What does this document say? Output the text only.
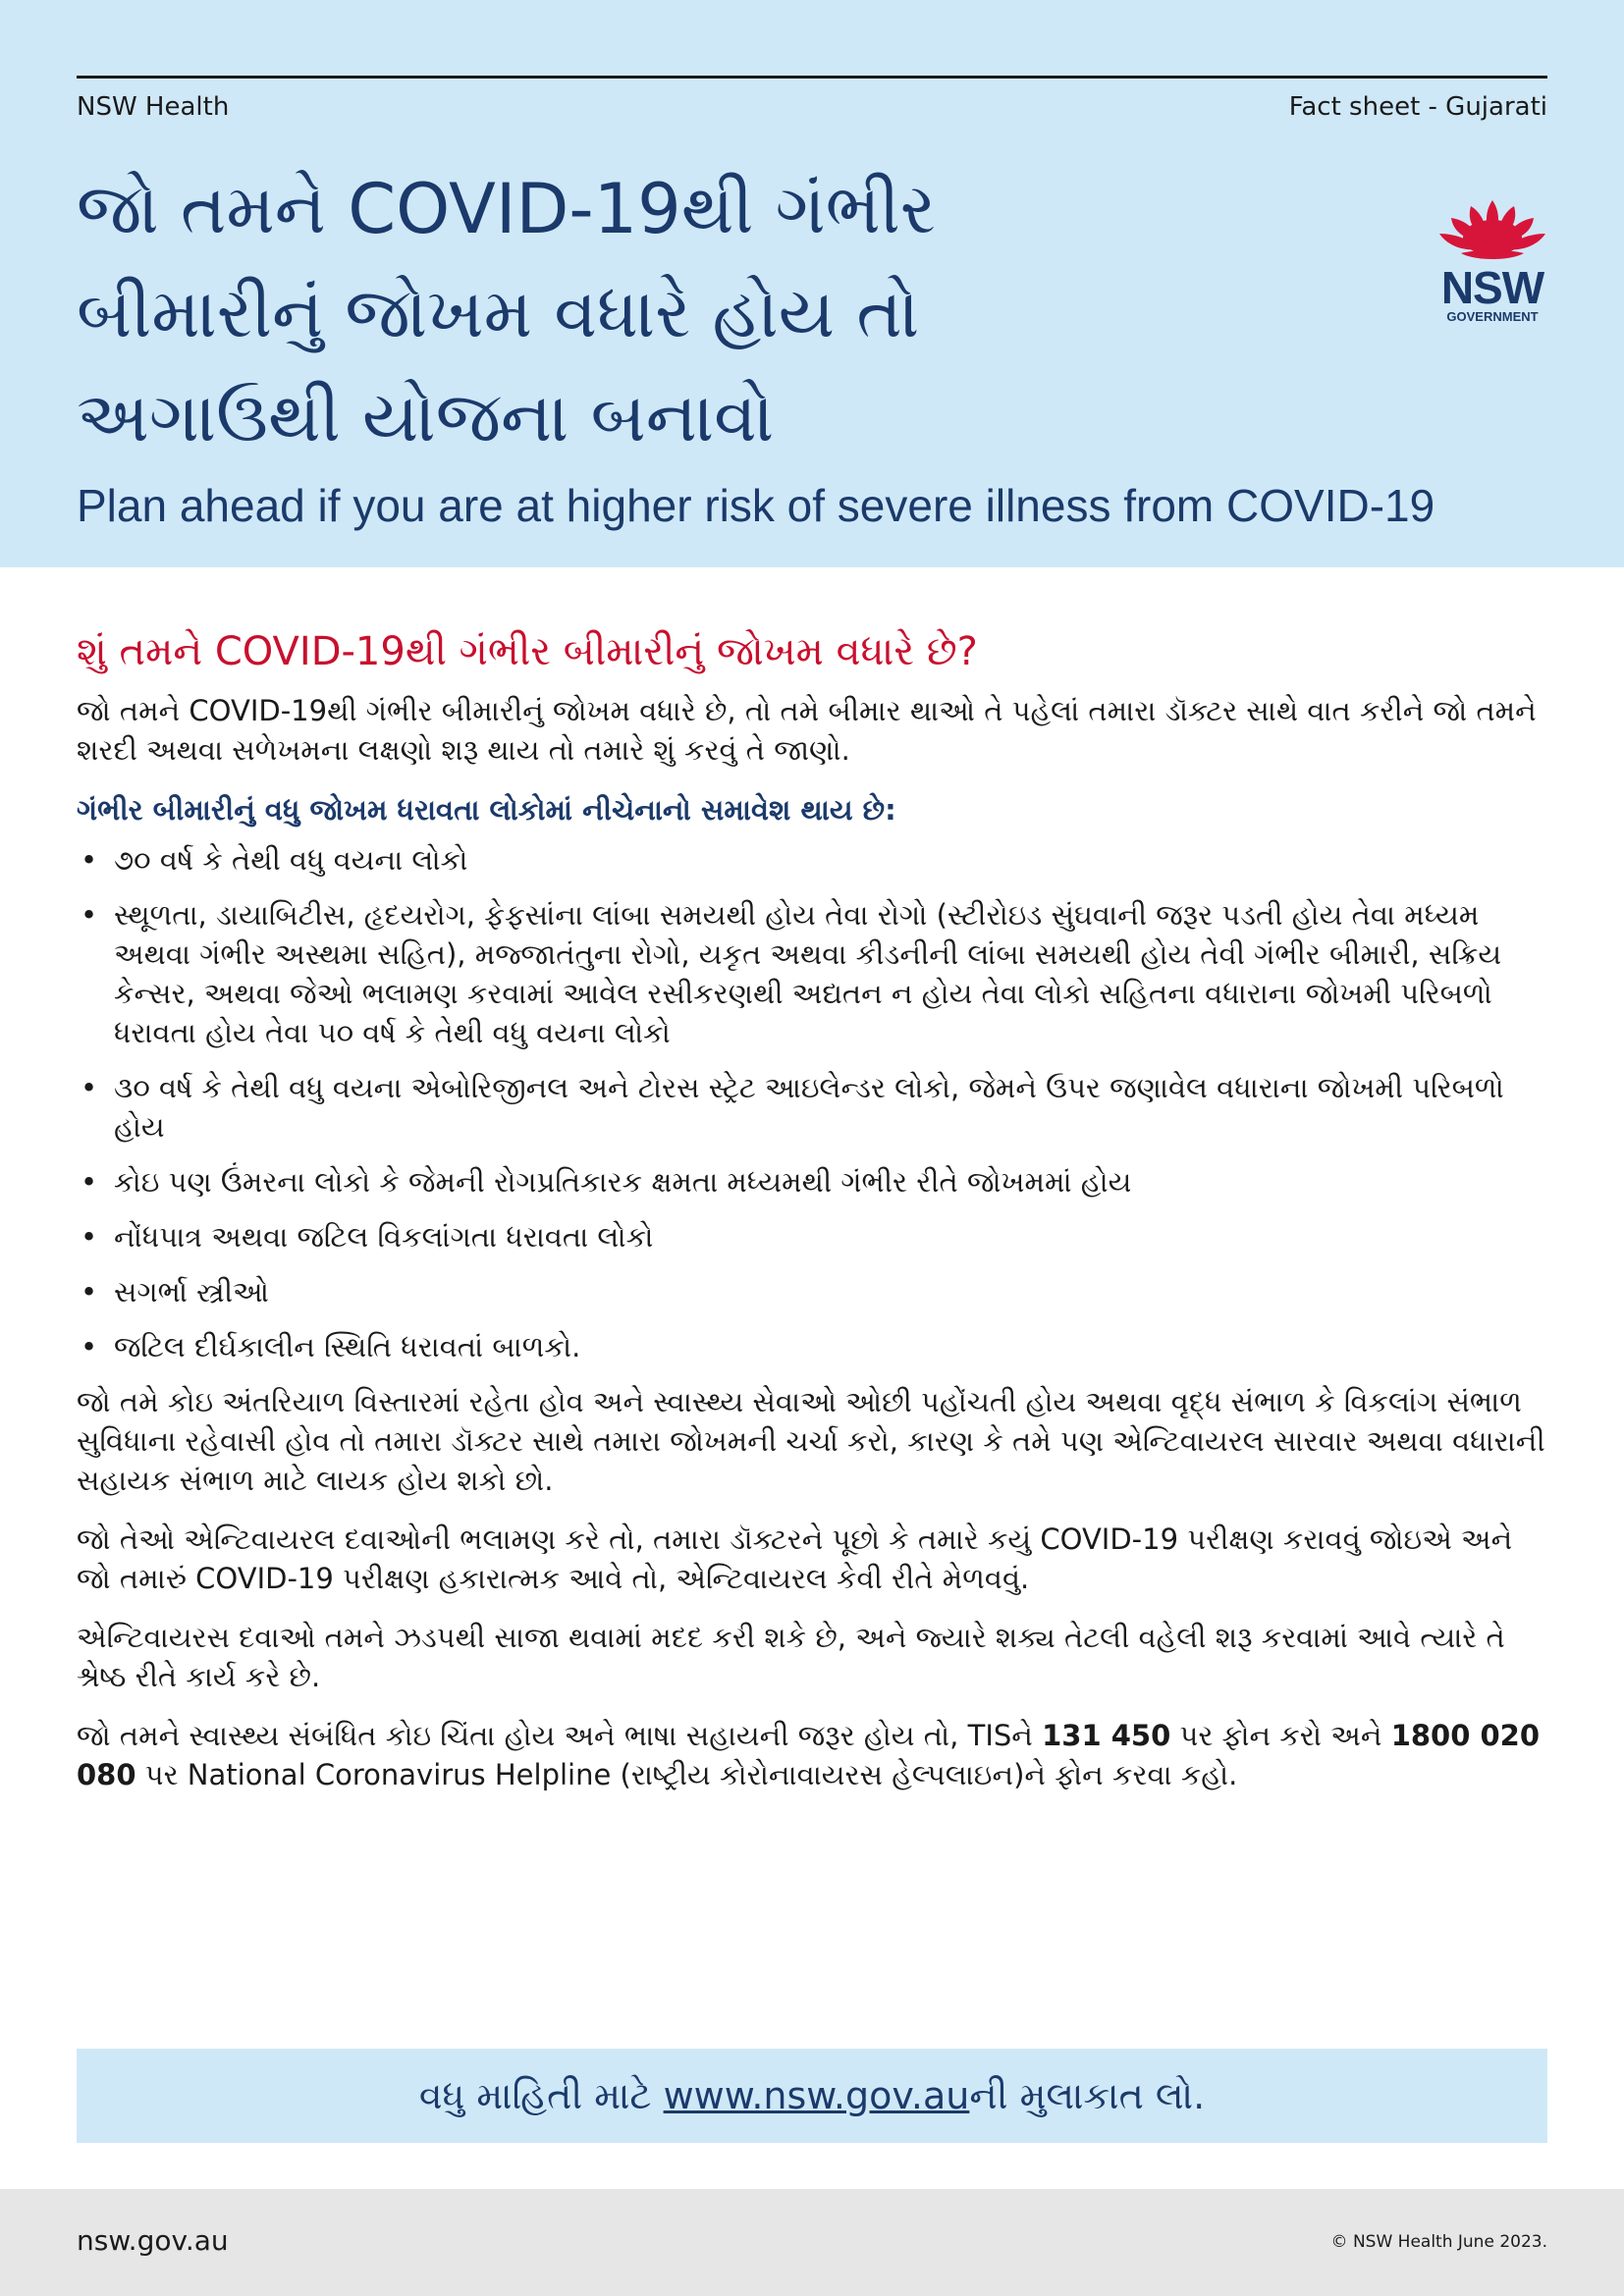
NSW Health	Fact sheet - Gujarati
જો તમને COVID-19થી ગંભીર
બીમારીનું જોખમ વધારે હોય તો
અગાઉથી યોજના બનાવો
Plan ahead if you are at higher risk of severe illness from COVID-19
NSW
GOVERNMENT
શું તમને COVID-19થી ગંભીર બીમારીનું જોખમ વધારે છે?
જો તમને COVID-19થી ગંભીર બીમારીનું જોખમ વધારે છે, તો તમે બીમાર થાઓ તે પહેલાં તમારા ડૉક્ટર સાથે વાત કરીને જો તમને શરદી અથવા સળેખમના લક્ષણો શરૂ થાય તો તમારે શું કરવું તે જાણો.
ગંભીર બીમારીનું વધુ જોખમ ધરાવતા લોકોમાં નીચેનાનો સમાવેશ થાય છે:
• ૭૦ વર્ષ કે તેથી વધુ વયના લોકો
• સ્થૂળતા, ડાયાબિટીસ, હૃદયરોગ, ફેફસાંના લાંબા સમયથી હોય તેવા રોગો (સ્ટીરોઇડ સુંઘવાની જરૂર પડતી હોય તેવા મધ્યમ અથવા ગંભીર અસ્થમા સહિત), મજ્જાતંતુના રોગો, યકૃત અથવા કીડનીની લાંબા સમયથી હોય તેવી ગંભીર બીમારી, સક્રિય કેન્સર, અથવા જેઓ ભલામણ કરવામાં આવેલ રસીકરણથી અદ્યતન ન હોય તેવા લોકો સહિતના વધારાના જોખમી પરિબળો ધરાવતા હોય તેવા ૫૦ વર્ષ કે તેથી વધુ વયના લોકો
• ૩૦ વર્ષ કે તેથી વધુ વયના એબોરિજીનલ અને ટોરસ સ્ટ્રેટ આઇલેન્ડર લોકો, જેમને ઉપર જણાવેલ વધારાના જોખમી પરિબળો હોય
• કોઇ પણ ઉંમરના લોકો કે જેમની રોગપ્રતિકારક ક્ષમતા મધ્યમથી ગંભીર રીતે જોખમમાં હોય
• નોંધપાત્ર અથવા જટિલ વિકલાંગતા ધરાવતા લોકો
• સગર્ભા સ્ત્રીઓ
• જટિલ દીર્ઘકાલીન સ્થિતિ ધરાવતાં બાળકો.
જો તમે કોઇ અંતરિયાળ વિસ્તારમાં રહેતા હોવ અને સ્વાસ્થ્ય સેવાઓ ઓછી પહોંચતી હોય અથવા વૃદ્ધ સંભાળ કે વિકલાંગ સંભાળ સુવિધાના રહેવાસી હોવ તો તમારા ડૉક્ટર સાથે તમારા જોખમની ચર્ચા કરો, કારણ કે તમે પણ એન્ટિવાયરલ સારવાર અથવા વધારાની સહાયક સંભાળ માટે લાયક હોય શકો છો.
જો તેઓ એન્ટિવાયરલ દવાઓની ભલામણ કરે તો, તમારા ડૉક્ટરને પૂછો કે તમારે કયું COVID-19 પરીક્ષણ કરાવવું જોઇએ અને જો તમારું COVID-19 પરીક્ષણ હકારાત્મક આવે તો, એન્ટિવાયરલ કેવી રીતે મેળવવું.
એન્ટિવાયરસ દવાઓ તમને ઝડપથી સાજા થવામાં મદદ કરી શકે છે, અને જ્યારે શક્ય તેટલી વહેલી શરૂ કરવામાં આવે ત્યારે તે શ્રેષ્ઠ રીતે કાર્ય કરે છે.
જો તમને સ્વાસ્થ્ય સંબંધિત કોઇ ચિંતા હોય અને ભાષા સહાયની જરૂર હોય તો, TISને 131 450 પર ફોન કરો અને 1800 020 080 પર National Coronavirus Helpline (રાષ્ટ્રીય કોરોનાવાયરસ હેલ્પલાઇન)ને ફોન કરવા કહો.
વધુ માહિતી માટે www.nsw.gov.auની મુલાકાત લો.
nsw.gov.au	© NSW Health June 2023.
